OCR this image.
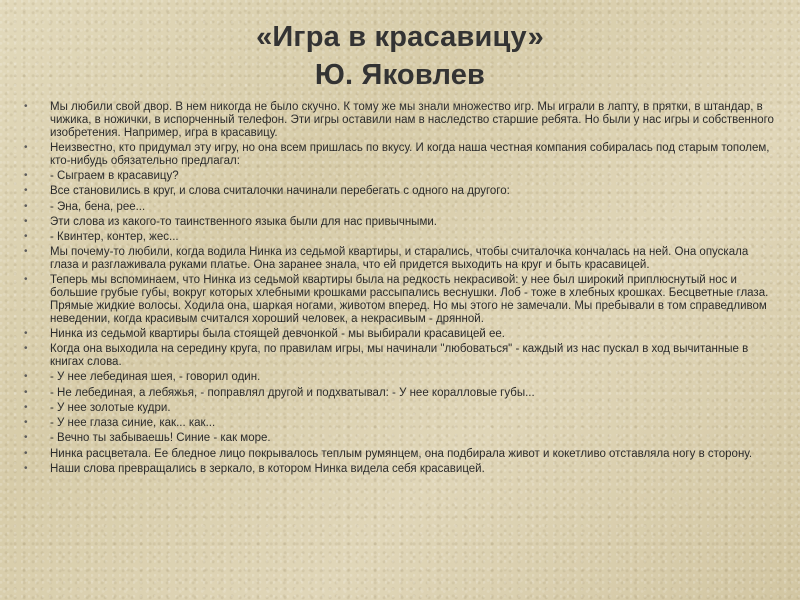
«Игра в красавицу»
Ю. Яковлев
• Мы любили свой двор. В нем никогда не было скучно. К тому же мы знали множество игр. Мы играли в лапту, в прятки, в штандар, в чижика, в ножички, в испорченный телефон. Эти игры оставили нам в наследство старшие ребята. Но были у нас игры и собственного изобретения. Например, игра в красавицу.
• Неизвестно, кто придумал эту игру, но она всем пришлась по вкусу. И когда наша честная компания собиралась под старым тополем, кто-нибудь обязательно предлагал:
• - Сыграем в красавицу?
• Все становились в круг, и слова считалочки начинали перебегать с одного на другого:
• - Эна, бена, рее...
• Эти слова из какого-то таинственного языка были для нас привычными.
• - Квинтер, контер, жес...
• Мы почему-то любили, когда водила Нинка из седьмой квартиры, и старались, чтобы считалочка кончалась на ней. Она опускала глаза и разглаживала руками платье. Она заранее знала, что ей придется выходить на круг и быть красавицей.
• Теперь мы вспоминаем, что Нинка из седьмой квартиры была на редкость некрасивой: у нее был широкий приплюснутый нос и большие грубые губы, вокруг которых хлебными крошками рассыпались веснушки. Лоб - тоже в хлебных крошках. Бесцветные глаза. Прямые жидкие волосы. Ходила она, шаркая ногами, животом вперед. Но мы этого не замечали. Мы пребывали в том справедливом неведении, когда красивым считался хороший человек, а некрасивым - дрянной.
• Нинка из седьмой квартиры была стоящей девчонкой - мы выбирали красавицей ее.
• Когда она выходила на середину круга, по правилам игры, мы начинали "любоваться" - каждый из нас пускал в ход вычитанные в книгах слова.
• - У нее лебединая шея, - говорил один.
• - Не лебединая, а лебяжья, - поправлял другой и подхватывал: - У нее коралловые губы...
• - У нее золотые кудри.
• - У нее глаза синие, как... как...
• - Вечно ты забываешь! Синие - как море.
• Нинка расцветала. Ее бледное лицо покрывалось теплым румянцем, она подбирала живот и кокетливо отставляла ногу в сторону.
• Наши слова превращались в зеркало, в котором Нинка видела себя красавицей.
